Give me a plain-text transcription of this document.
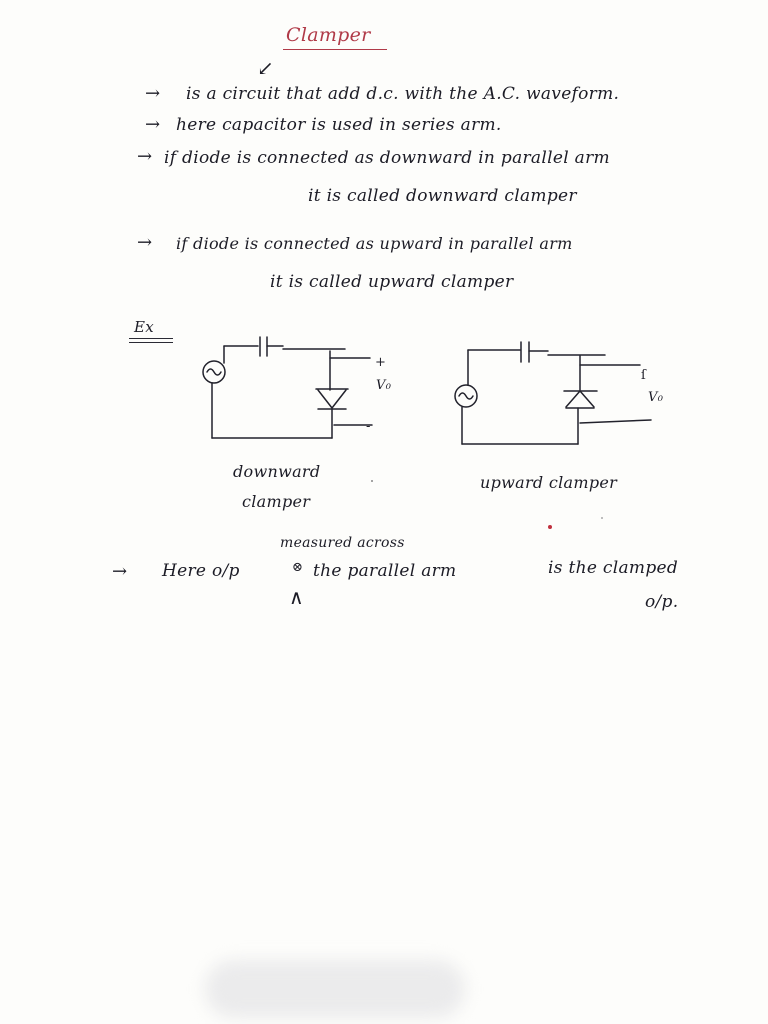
Clamper
↙
→ is a circuit that add d.c. with the A.C. waveform.
→ here capacitor is used in series arm.
→ if diode is connected as downward in parallel arm
it is called downward clamper
→ if diode is connected as upward in parallel arm
it is called upward clamper
Ex
+
V₀
-
downward
clamper
ſ
V₀
upward clamper
measured across
→ Here o/p	⊗ the parallel arm	is the clamped
o/p.
∧
